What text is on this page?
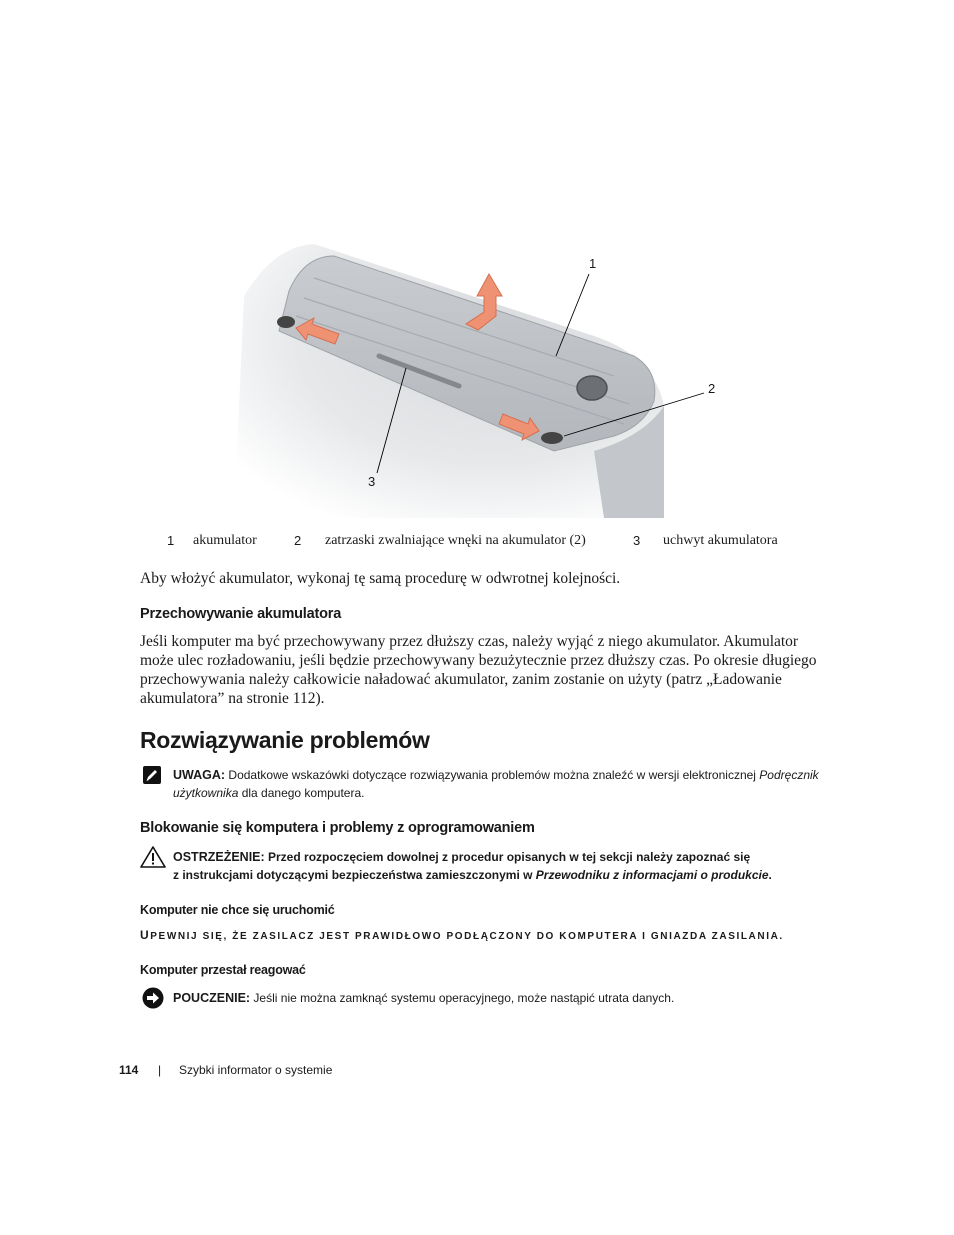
1
2
3
1 akumulator	2 zatrzaski zwalniające wnęki na akumulator (2)	3 uchwyt akumulatora
Aby włożyć akumulator, wykonaj tę samą procedurę w odwrotnej kolejności.
Przechowywanie akumulatora
Jeśli komputer ma być przechowywany przez dłuższy czas, należy wyjąć z niego akumulator. Akumulator
może ulec rozładowaniu, jeśli będzie przechowywany bezużytecznie przez dłuższy czas. Po okresie długiego
przechowywania należy całkowicie naładować akumulator, zanim zostanie on użyty (patrz „Ładowanie
akumulatora” na stronie 112).
Rozwiązywanie problemów
UWAGA: Dodatkowe wskazówki dotyczące rozwiązywania problemów można znaleźć w wersji elektronicznej Podręcznik
użytkownika dla danego komputera.
Blokowanie się komputera i problemy z oprogramowaniem
OSTRZEŻENIE: Przed rozpoczęciem dowolnej z procedur opisanych w tej sekcji należy zapoznać się
z instrukcjami dotyczącymi bezpieczeństwa zamieszczonymi w Przewodniku z informacjami o produkcie.
Komputer nie chce się uruchomić
UPEWNIJ SIĘ, ŻE ZASILACZ JEST PRAWIDŁOWO PODŁĄCZONY DO KOMPUTERA I GNIAZDA ZASILANIA.
Komputer przestał reagować
POUCZENIE: Jeśli nie można zamknąć systemu operacyjnego, może nastąpić utrata danych.
114 | Szybki informator o systemie
